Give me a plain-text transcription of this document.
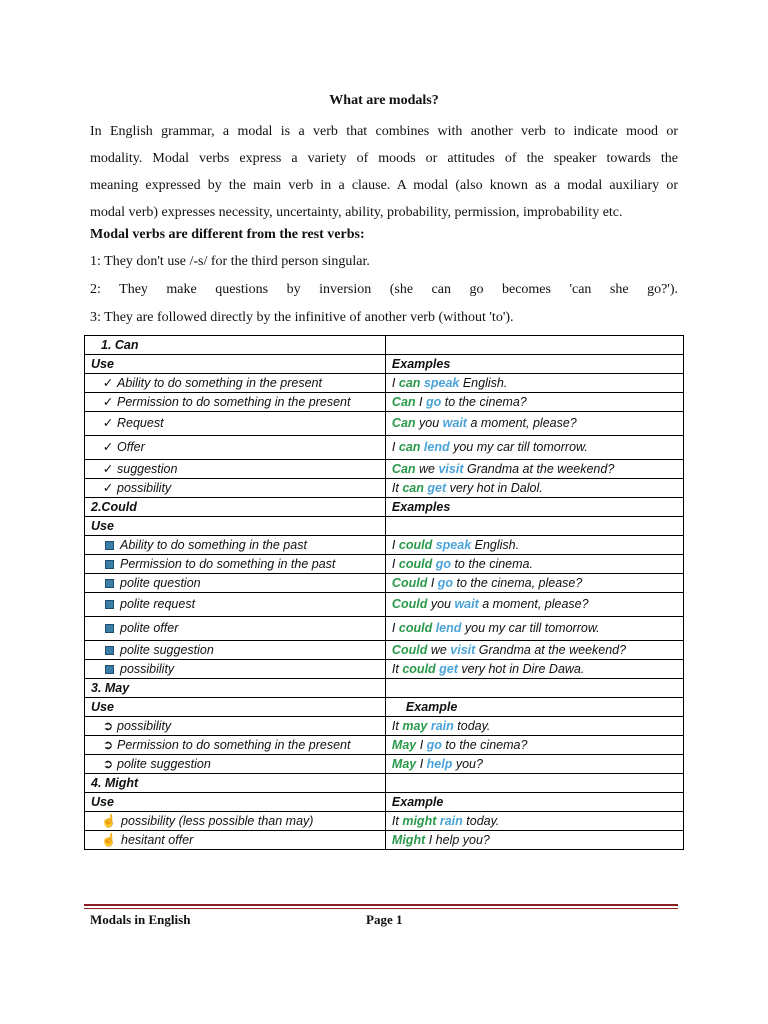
What are modals?
In English grammar, a modal is a verb that combines with another verb to indicate mood or
modality. Modal verbs express a variety of moods or attitudes of the speaker towards the
meaning expressed by the main verb in a clause. A modal (also known as a modal auxiliary or
modal verb) expresses necessity, uncertainty, ability, probability, permission, improbability etc.
Modal verbs are different from the rest verbs:
1: They don't use /-s/ for the third person singular.
2: They make questions by inversion (she can go becomes 'can she go?').
3: They are followed directly by the infinitive of another verb (without 'to').
1. Can	
Use	Examples
✓ Ability to do something in the present	I can speak English.
✓ Permission to do something in the present	Can I go to the cinema?
✓ Request	Can you wait a moment, please?
✓ Offer	I can lend you my car till tomorrow.
✓ suggestion	Can we visit Grandma at the weekend?
✓ possibility	It can get very hot in Dalol.
2.Could	Examples
Use	
Ability to do something in the past	I could speak English.
Permission to do something in the past	I could go to the cinema.
polite question	Could I go to the cinema, please?
polite request	Could you wait a moment, please?
polite offer	I could lend you my car till tomorrow.
polite suggestion	Could we visit Grandma at the weekend?
possibility	It could get very hot in Dire Dawa.
3. May	
Use	Example
➲ possibility	It may rain today.
➲ Permission to do something in the present	May I go to the cinema?
➲ polite suggestion	May I help you?
4. Might	
Use	Example
☝ possibility (less possible than may)	It might rain today.
☝ hesitant offer	Might I help you?
Modals in English	Page 1
